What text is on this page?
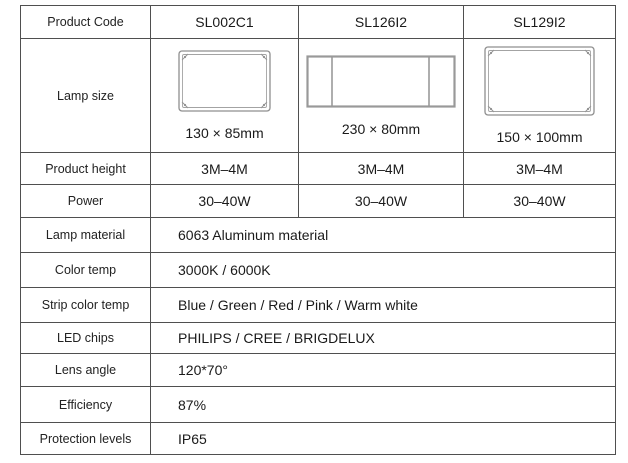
Product Code	SL002C1	SL126I2	SL129I2
Lamp size	130 × 85mm	230 × 80mm	150 × 100mm

Product height	3M–4M	3M–4M	3M–4M
Power	30–40W	30–40W	30–40W
Lamp material	6063 Aluminum material		
Color temp	3000K / 6000K		
Strip color temp	Blue / Green / Red / Pink / Warm white		
LED chips	PHILIPS / CREE / BRIGDELUX		
Lens angle	120*70°		
Efficiency	87%		
Protection levels	IP65		
